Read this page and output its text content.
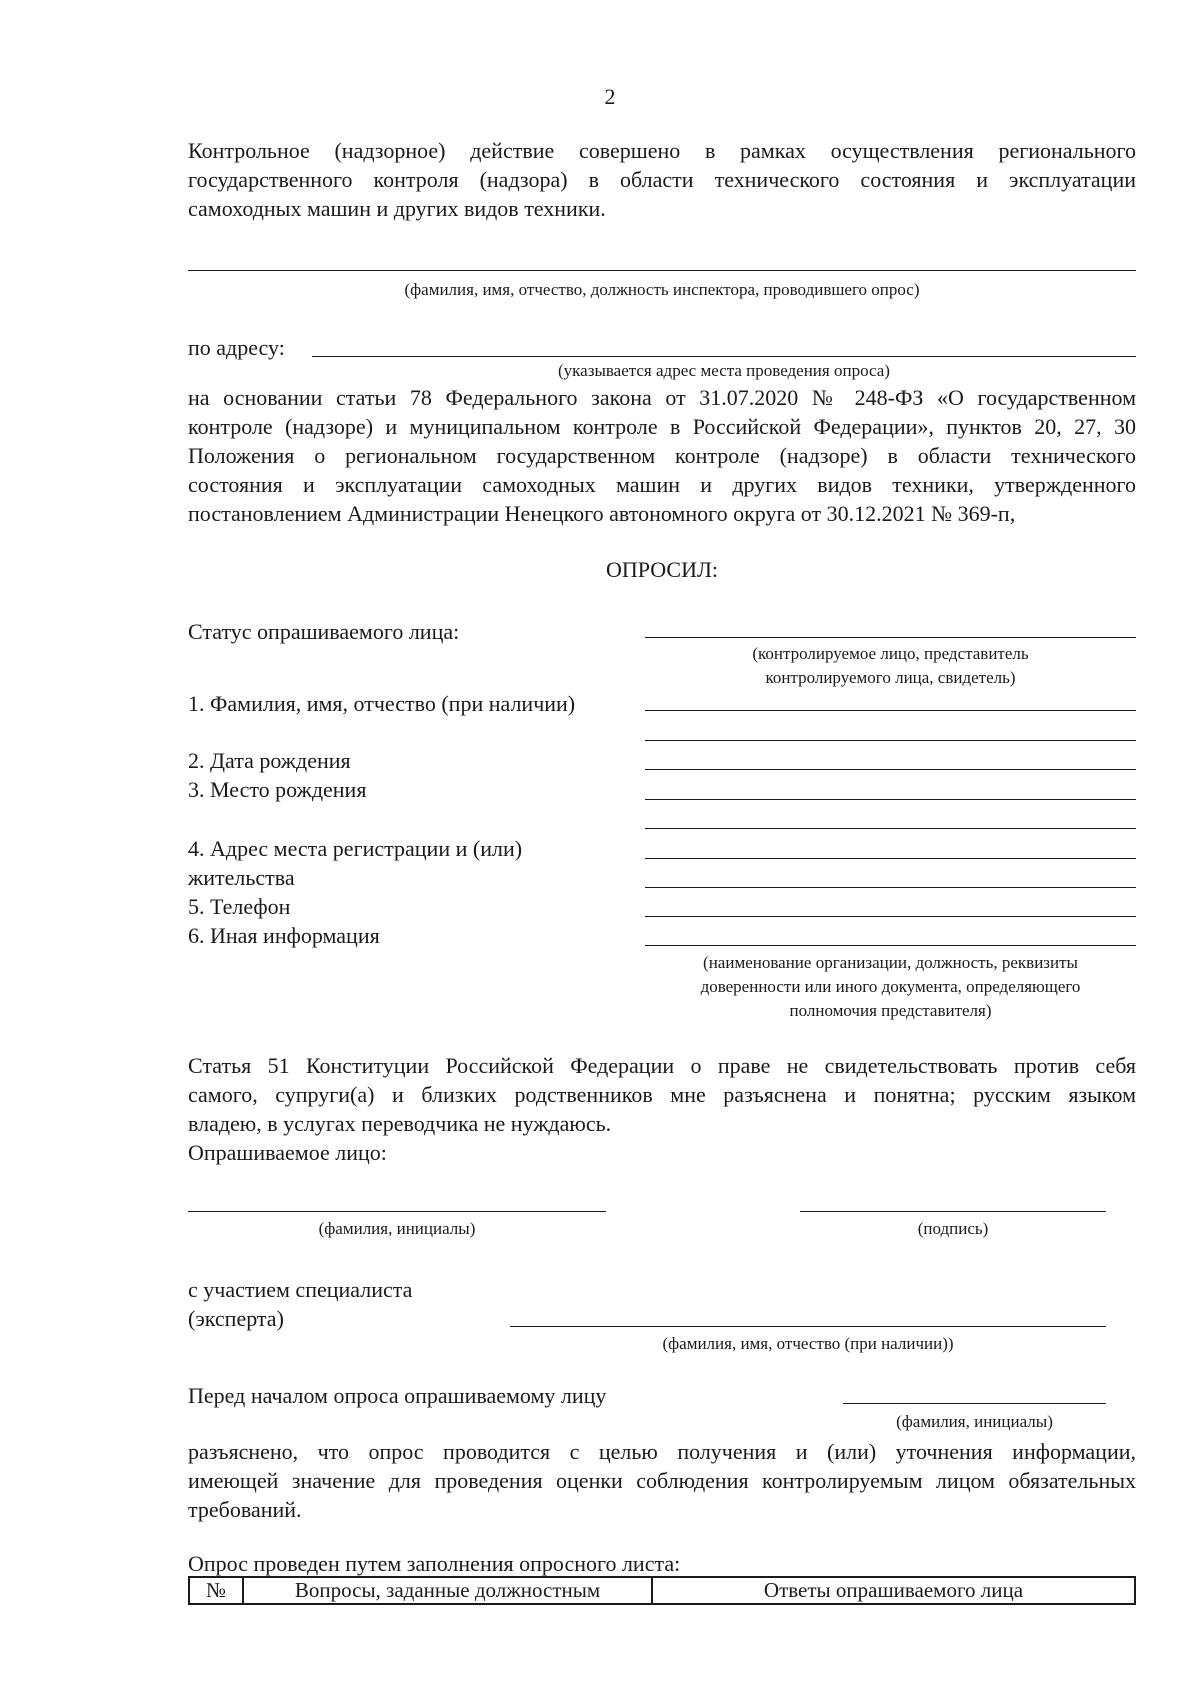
2
Контрольное (надзорное) действие совершено в рамках осуществления регионального
государственного контроля (надзора) в области технического состояния и эксплуатации
самоходных машин и других видов техники.
(фамилия, имя, отчество, должность инспектора, проводившего опрос)
по адресу:
(указывается адрес места проведения опроса)
на основании статьи 78 Федерального закона от 31.07.2020 № 248-ФЗ «О государственном
контроле (надзоре) и муниципальном контроле в Российской Федерации», пунктов 20, 27, 30
Положения о региональном государственном контроле (надзоре) в области технического
состояния и эксплуатации самоходных машин и других видов техники, утвержденного
постановлением Администрации Ненецкого автономного округа от 30.12.2021 № 369-п,
ОПРОСИЛ:
Статус опрашиваемого лица:
(контролируемое лицо, представитель
контролируемого лица, свидетель)
1. Фамилия, имя, отчество (при наличии)
2. Дата рождения
3. Место рождения
4. Адрес места регистрации и (или)
жительства
5. Телефон
6. Иная информация
(наименование организации, должность, реквизиты
доверенности или иного документа, определяющего
полномочия представителя)
Статья 51 Конституции Российской Федерации о праве не свидетельствовать против себя
самого, супруги(а) и близких родственников мне разъяснена и понятна; русским языком
владею, в услугах переводчика не нуждаюсь.
Опрашиваемое лицо:
(фамилия, инициалы)	(подпись)
с участием специалиста
(эксперта)
(фамилия, имя, отчество (при наличии))
Перед началом опроса опрашиваемому лицу
(фамилия, инициалы)
разъяснено, что опрос проводится с целью получения и (или) уточнения информации,
имеющей значение для проведения оценки соблюдения контролируемым лицом обязательных
требований.
Опрос проведен путем заполнения опросного листа:
№	Вопросы, заданные должностным	Ответы опрашиваемого лица
